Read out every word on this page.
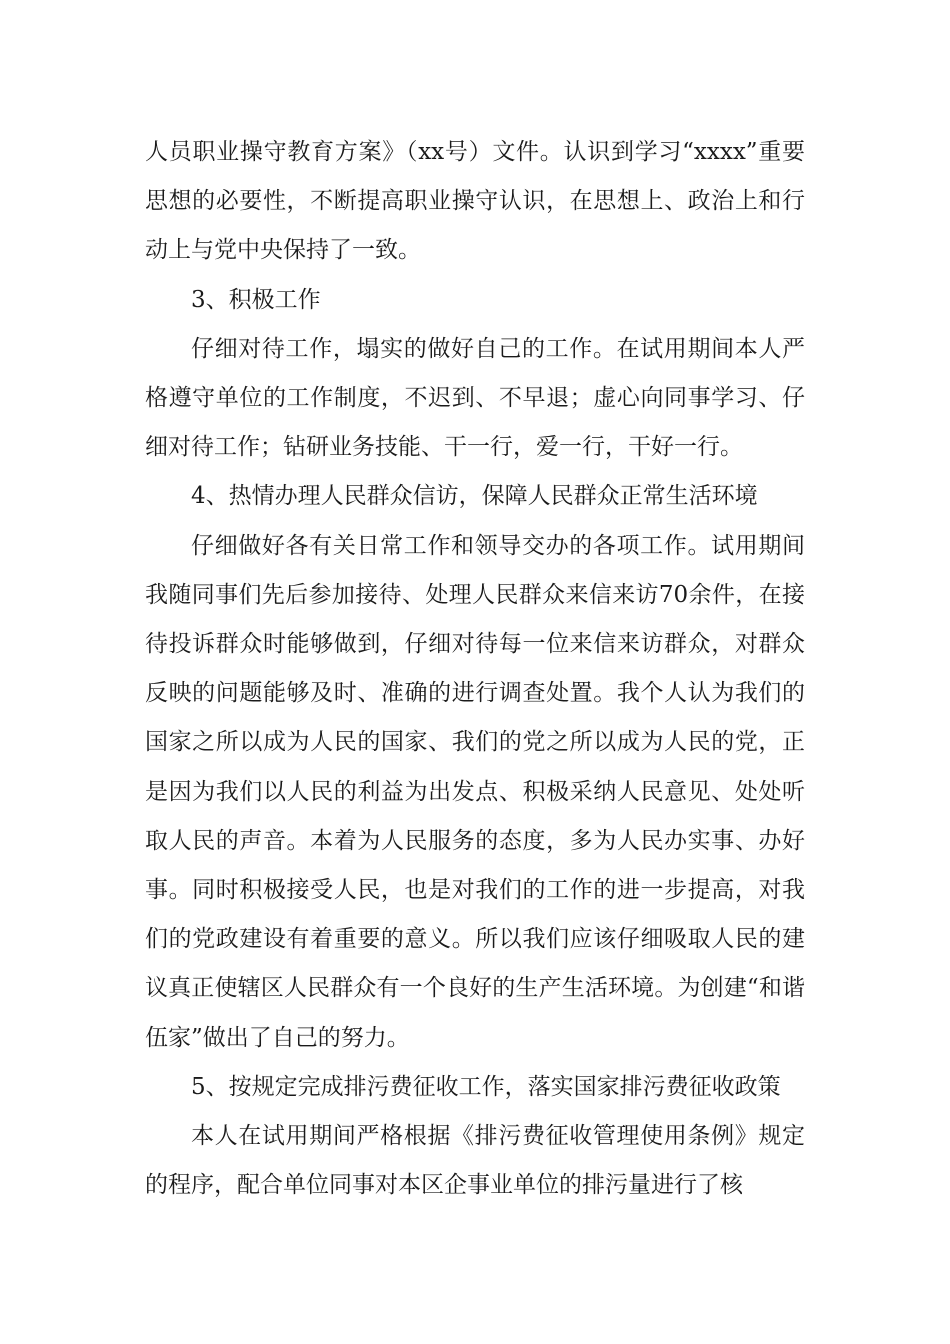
人员职业操守教育方案》（xx号）文件。认识到学习“xxxx”重要思想的必要性，不断提高职业操守认识，在思想上、政治上和行动上与党中央保持了一致。

3、积极工作

仔细对待工作，塌实的做好自己的工作。在试用期间本人严格遵守单位的工作制度，不迟到、不早退；虚心向同事学习、仔细对待工作；钻研业务技能、干一行，爱一行，干好一行。

4、热情办理人民群众信访，保障人民群众正常生活环境

仔细做好各有关日常工作和领导交办的各项工作。试用期间我随同事们先后参加接待、处理人民群众来信来访70余件，在接待投诉群众时能够做到，仔细对待每一位来信来访群众，对群众反映的问题能够及时、准确的进行调查处置。我个人认为我们的国家之所以成为人民的国家、我们的党之所以成为人民的党，正是因为我们以人民的利益为出发点、积极采纳人民意见、处处听取人民的声音。本着为人民服务的态度，多为人民办实事、办好事。同时积极接受人民，也是对我们的工作的进一步提高，对我们的党政建设有着重要的意义。所以我们应该仔细吸取人民的建议真正使辖区人民群众有一个良好的生产生活环境。为创建“和谐伍家”做出了自己的努力。

5、按规定完成排污费征收工作，落实国家排污费征收政策

本人在试用期间严格根据《排污费征收管理使用条例》规定的程序，配合单位同事对本区企事业单位的排污量进行了核
